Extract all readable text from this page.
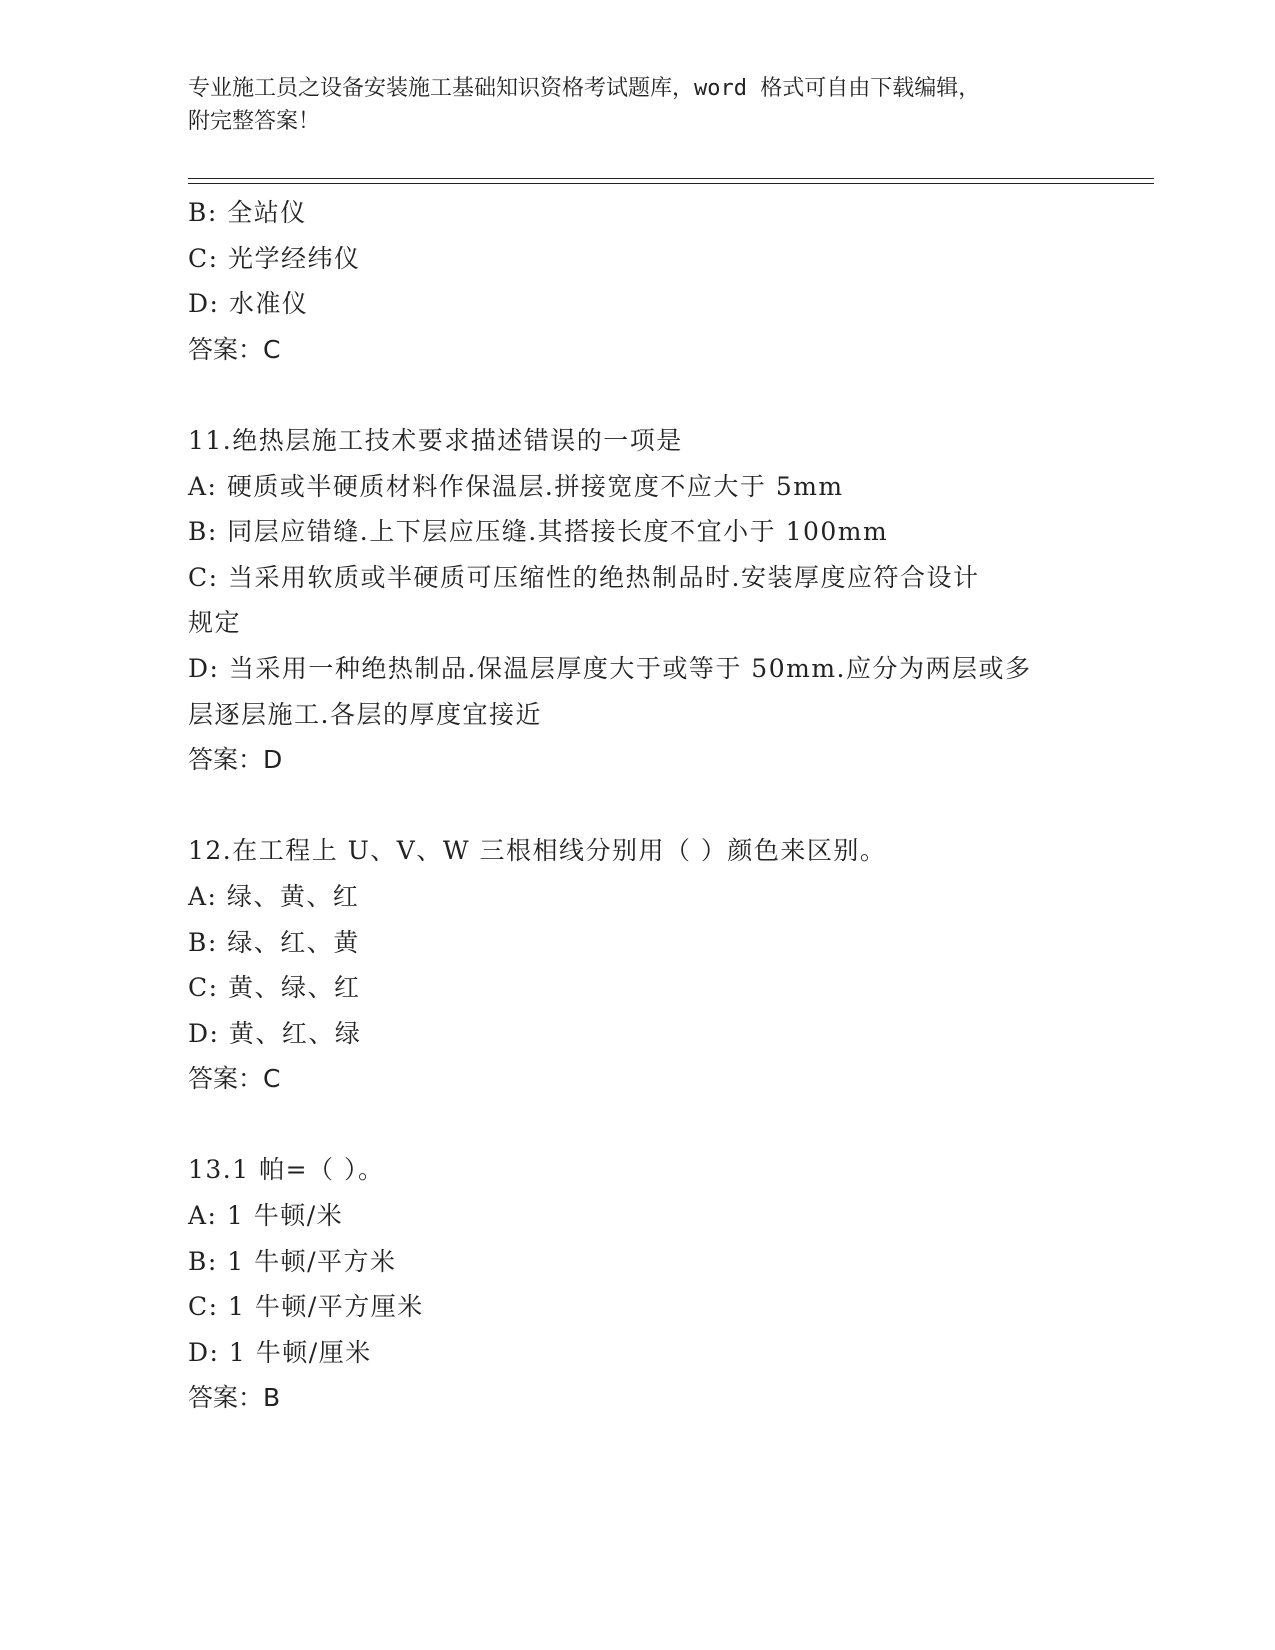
专业施工员之设备安装施工基础知识资格考试题库，word 格式可自由下载编辑，
附完整答案！
B: 全站仪
C: 光学经纬仪
D: 水准仪
答案：C
11.绝热层施工技术要求描述错误的一项是
A: 硬质或半硬质材料作保温层.拼接宽度不应大于 5mm
B: 同层应错缝.上下层应压缝.其搭接长度不宜小于 100mm
C: 当采用软质或半硬质可压缩性的绝热制品时.安装厚度应符合设计
规定
D: 当采用一种绝热制品.保温层厚度大于或等于 50mm.应分为两层或多
层逐层施工.各层的厚度宜接近
答案：D
12.在工程上 U、V、W 三根相线分别用（ ）颜色来区别。
A: 绿、黄、红
B: 绿、红、黄
C: 黄、绿、红
D: 黄、红、绿
答案：C
13.1 帕=（ ）。
A: 1 牛顿/米
B: 1 牛顿/平方米
C: 1 牛顿/平方厘米
D: 1 牛顿/厘米
答案：B
